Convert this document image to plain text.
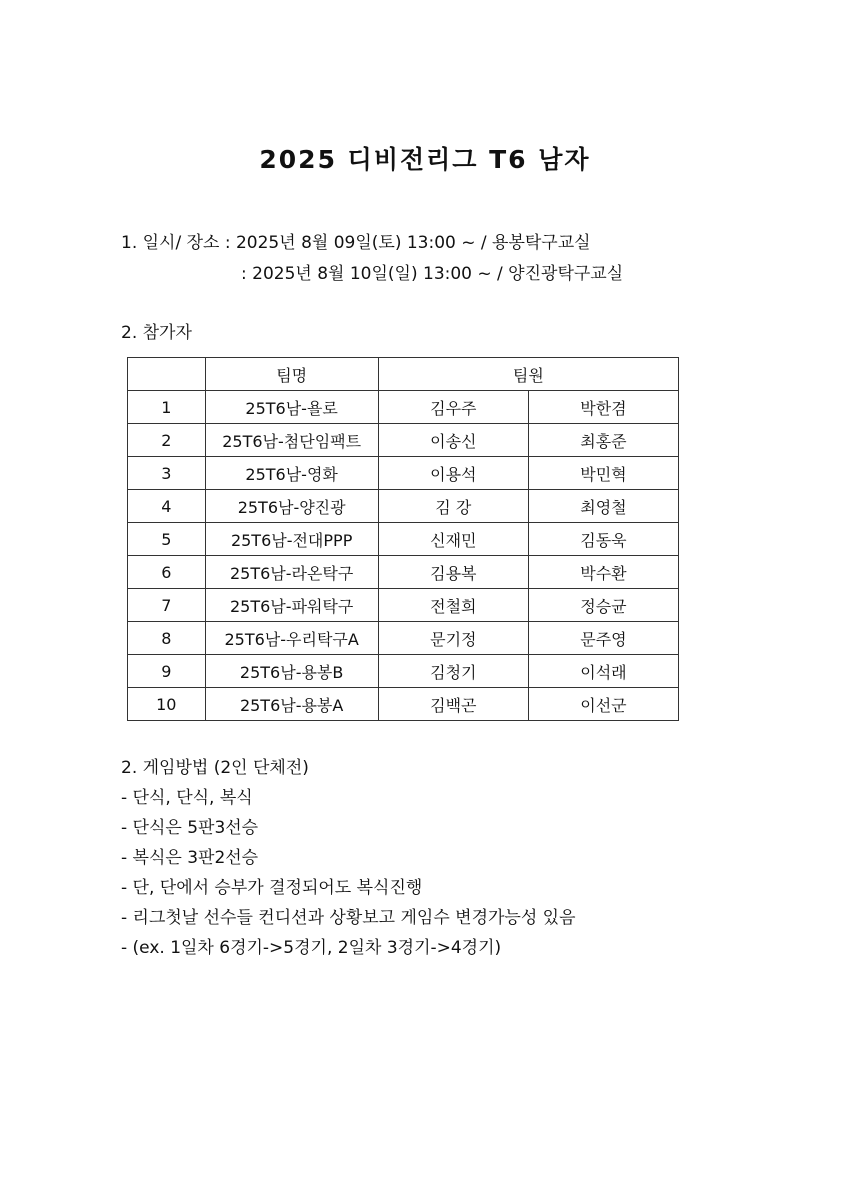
2025 디비전리그 T6 남자
1. 일시/ 장소 : 2025년 8월 09일(토) 13:00 ~ / 용봉탁구교실
: 2025년 8월 10일(일) 13:00 ~ / 양진광탁구교실
2. 참가자
	팀명	팀원	
1	25T6남-욜로	김우주	박한겸
2	25T6남-첨단임팩트	이송신	최홍준
3	25T6남-영화	이용석	박민혁
4	25T6남-양진광	김 강	최영철
5	25T6남-전대PPP	신재민	김동욱
6	25T6남-라온탁구	김용복	박수환
7	25T6남-파워탁구	전철희	정승균
8	25T6남-우리탁구A	문기정	문주영
9	25T6남-용봉B	김청기	이석래
10	25T6남-용봉A	김백곤	이선군
2. 게임방법 (2인 단체전)
- 단식, 단식, 복식
- 단식은 5판3선승
- 복식은 3판2선승
- 단, 단에서 승부가 결정되어도 복식진행
- 리그첫날 선수들 컨디션과 상황보고 게임수 변경가능성 있음
- (ex. 1일차 6경기->5경기, 2일차 3경기->4경기)
